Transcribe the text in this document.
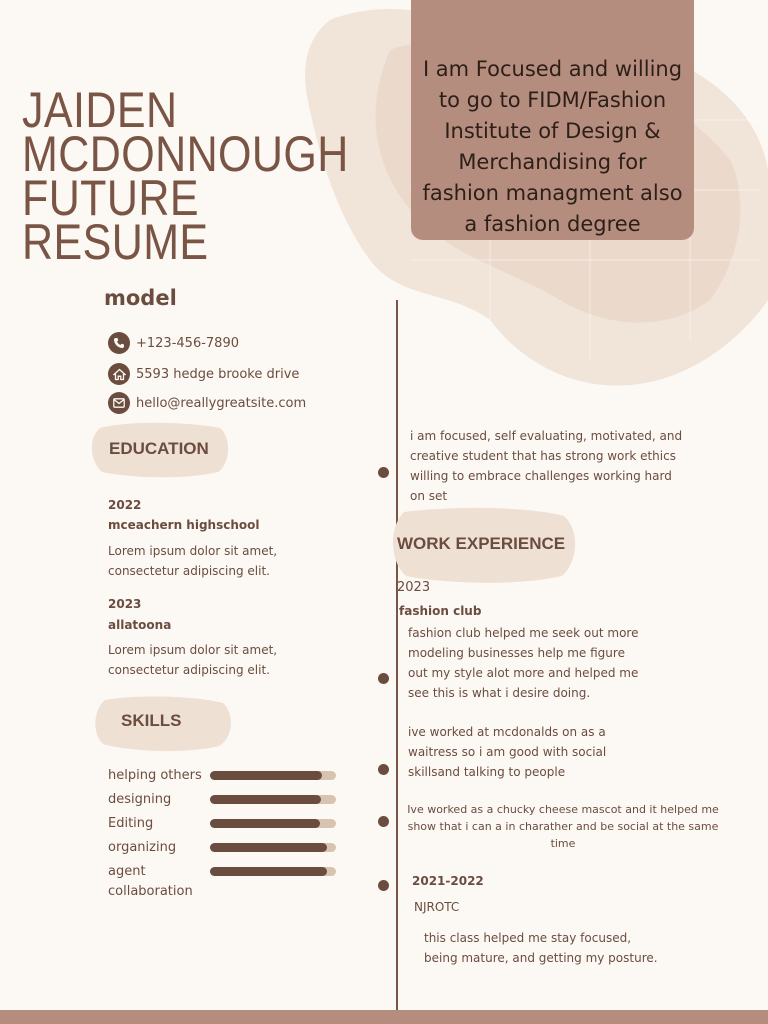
JAIDEN
MCDONNOUGH
FUTURE
RESUME
I am Focused and willing to go to FIDM/Fashion Institute of Design & Merchandising for fashion managment also a fashion degree
model
+123-456-7890
5593 hedge brooke drive
hello@reallygreatsite.com
EDUCATION
2022
mceachern highschool
Lorem ipsum dolor sit amet,
consectetur adipiscing elit.
2023
allatoona
Lorem ipsum dolor sit amet,
consectetur adipiscing elit.
SKILLS
helping others
designing
Editing
organizing
agent collaboration
i am focused, self evaluating, motivated, and
creative student that has strong work ethics
willing to embrace challenges working hard
on set
WORK EXPERIENCE
2023
fashion club
fashion club helped me seek out more
modeling businesses help me figure
out my style alot more and helped me
see this is what i desire doing.
ive worked at mcdonalds on as a
waitress so i am good with social
skillsand talking to people
Ive worked as a chucky cheese mascot and it helped me show that i can a in charather and be social at the same time
2021-2022
NJROTC
this class helped me stay focused,
being mature, and getting my posture.
